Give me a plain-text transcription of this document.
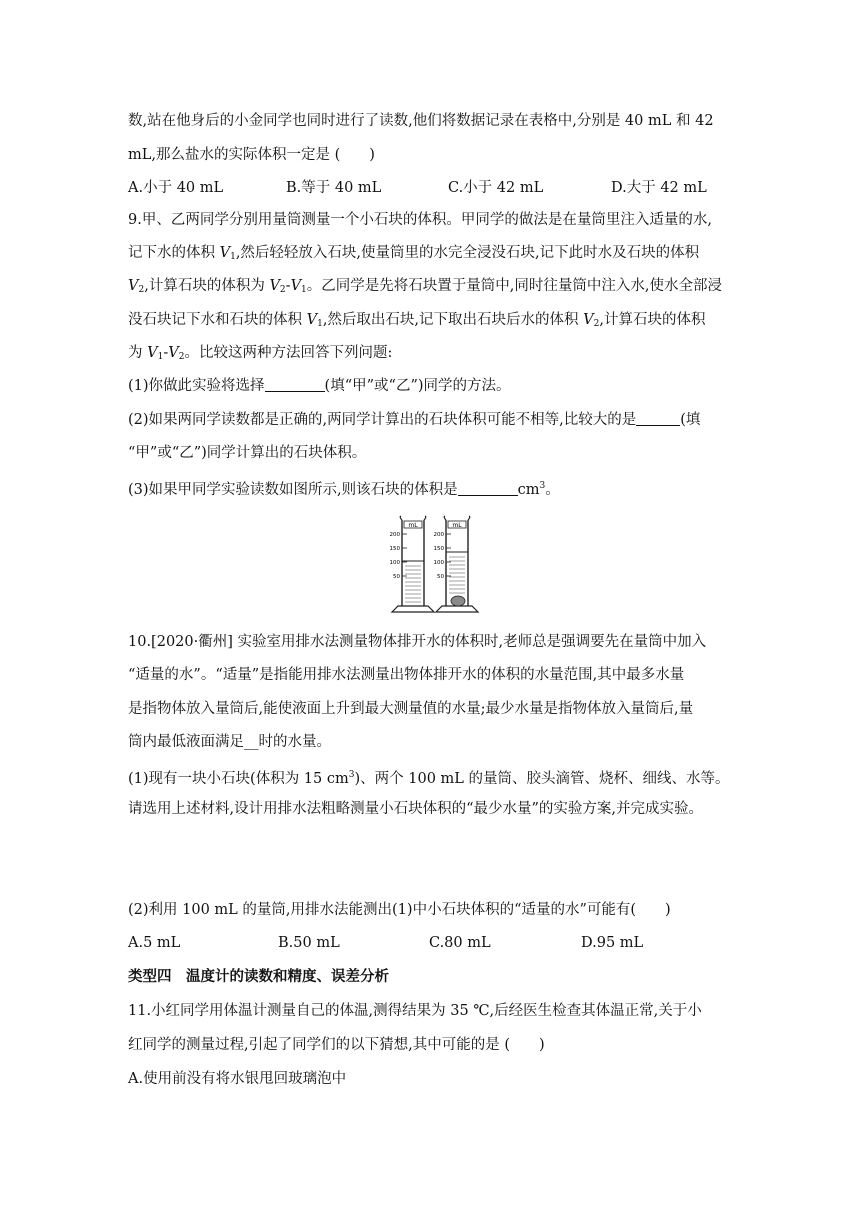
数,站在他身后的小金同学也同时进行了读数,他们将数据记录在表格中,分别是 40 mL 和 42
mL,那么盐水的实际体积一定是 (　　)
A.小于 40 mL	B.等于 40 mL	C.小于 42 mL	D.大于 42 mL
9.甲、乙两同学分别用量筒测量一个小石块的体积。甲同学的做法是在量筒里注入适量的水,
记下水的体积 $V_1$,然后轻轻放入石块,使量筒里的水完全浸没石块,记下此时水及石块的体积
$V_2$,计算石块的体积为 $V_2-V_1$。乙同学是先将石块置于量筒中,同时往量筒中注入水,使水全部浸
没石块记下水和石块的体积 $V_1$,然后取出石块,记下取出石块后水的体积 $V_2$,计算石块的体积
为 $V_1-V_2$。比较这两种方法回答下列问题:
(1)你做此实验将选择	(填“甲”或“乙”)同学的方法。
(2)如果两同学读数都是正确的,两同学计算出的石块体积可能不相等,比较大的是	(填
“甲”或“乙”)同学计算出的石块体积。
(3)如果甲同学实验读数如图所示,则该石块的体积是	$cm^3$。
mL
200
150
100
50
mL
200
150
100
50
10.[2020·衢州] 实验室用排水法测量物体排开水的体积时,老师总是强调要先在量筒中加入
“适量的水”。“适量”是指能用排水法测量出物体排开水的体积的水量范围,其中最多水量
是指物体放入量筒后,能使液面上升到最大测量值的水量;最少水量是指物体放入量筒后,量
筒内最低液面满足__时的水量。
(1)现有一块小石块(体积为 15 $cm^3$)、两个 100 mL 的量筒、胶头滴管、烧杯、细线、水等。
请选用上述材料,设计用排水法粗略测量小石块体积的“最少水量”的实验方案,并完成实验。
(2)利用 100 mL 的量筒,用排水法能测出(1)中小石块体积的“适量的水”可能有(　　)
A.5 mL	B.50 mL	C.80 mL	D.95 mL
类型四　温度计的读数和精度、误差分析
11.小红同学用体温计测量自己的体温,测得结果为 35 ℃,后经医生检查其体温正常,关于小
红同学的测量过程,引起了同学们的以下猜想,其中可能的是 (　　)
A.使用前没有将水银甩回玻璃泡中
